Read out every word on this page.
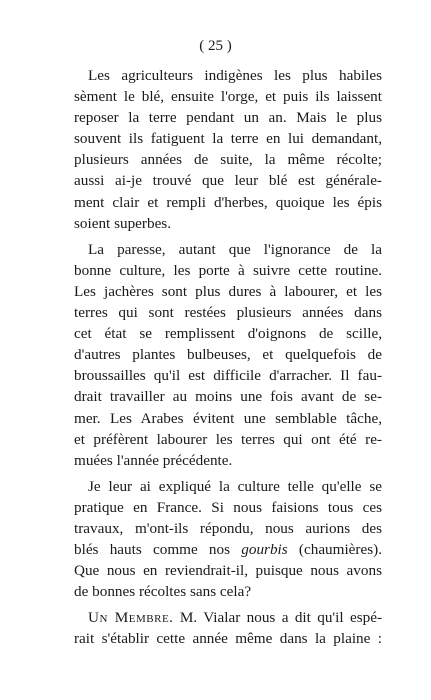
( 25 )

Les agriculteurs indigènes les plus habiles
sèment le blé, ensuite l'orge, et puis ils laissent
reposer la terre pendant un an. Mais le plus
souvent ils fatiguent la terre en lui demandant,
plusieurs années de suite, la même récolte;
aussi ai-je trouvé que leur blé est générale-
ment clair et rempli d'herbes, quoique les épis
soient superbes.

La paresse, autant que l'ignorance de la
bonne culture, les porte à suivre cette routine.
Les jachères sont plus dures à labourer, et les
terres qui sont restées plusieurs années dans
cet état se remplissent d'oignons de scille,
d'autres plantes bulbeuses, et quelquefois de
broussailles qu'il est difficile d'arracher. Il fau-
drait travailler au moins une fois avant de se-
mer. Les Arabes évitent une semblable tâche,
et préfèrent labourer les terres qui ont été re-
muées l'année précédente.

Je leur ai expliqué la culture telle qu'elle se
pratique en France. Si nous faisions tous ces
travaux, m'ont-ils répondu, nous aurions des
blés hauts comme nos gourbis (chaumières).
Que nous en reviendrait-il, puisque nous avons
de bonnes récoltes sans cela?

Un Membre. M. Vialar nous a dit qu'il espé-
rait s'établir cette année même dans la plaine :
